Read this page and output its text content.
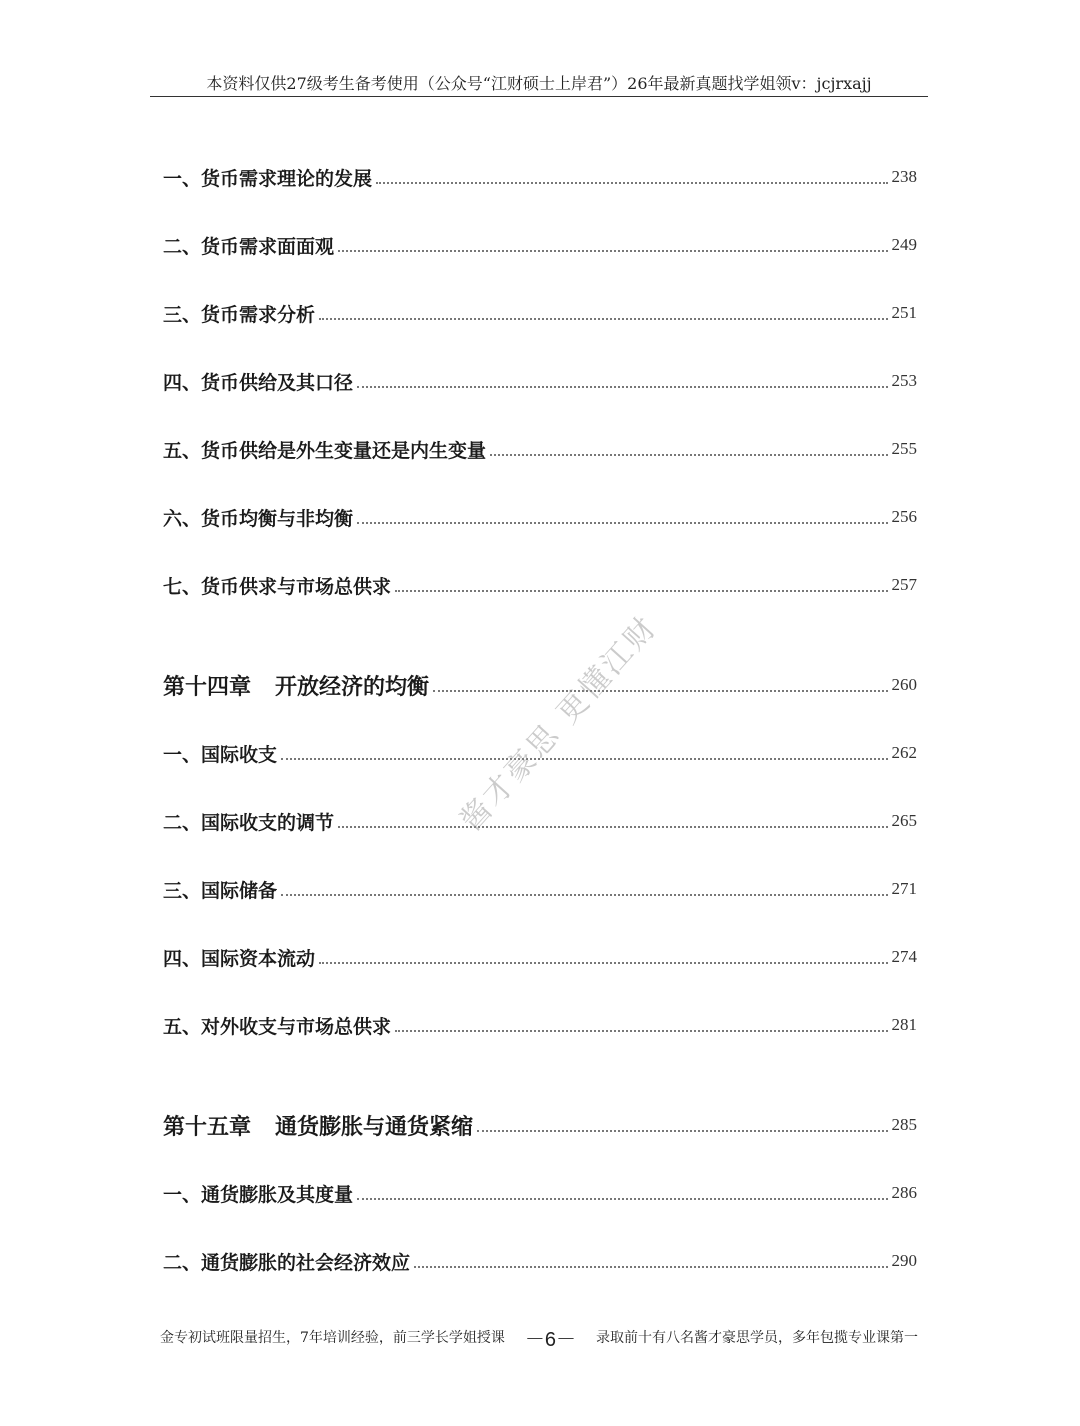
本资料仅供27级考生备考使用（公众号“江财硕士上岸君”）26年最新真题找学姐领v：jcjrxajj
一、货币需求理论的发展	238
二、货币需求面面观	249
三、货币需求分析	251
四、货币供给及其口径	253
五、货币供给是外生变量还是内生变量	255
六、货币均衡与非均衡	256
七、货币供求与市场总供求	257
第十四章 开放经济的均衡	260
一、国际收支	262
二、国际收支的调节	265
三、国际储备	271
四、国际资本流动	274
五、对外收支与市场总供求	281
第十五章 通货膨胀与通货紧缩	285
一、通货膨胀及其度量	286
二、通货膨胀的社会经济效应	290
酱才豪思 更懂江财
金专初试班限量招生，7年培训经验，前三学长学姐授课 －6－ 录取前十有八名酱才豪思学员，多年包揽专业课第一
